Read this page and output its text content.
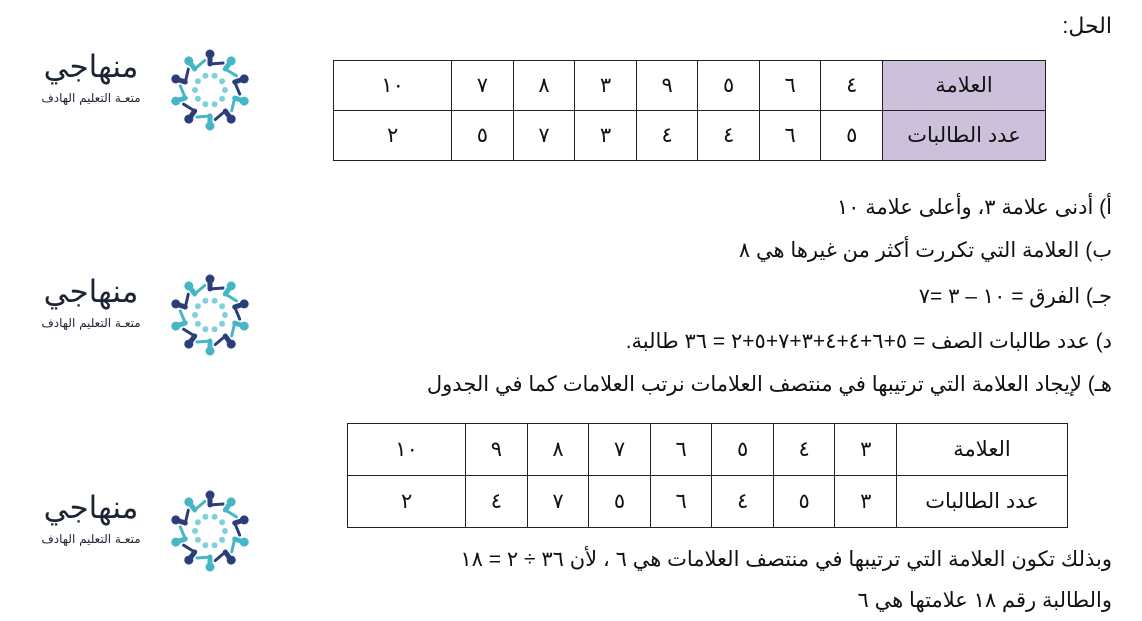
منهاجي
متعـة التعليم الهادف
منهاجي
متعـة التعليم الهادف
منهاجي
متعـة التعليم الهادف
الحل:
العلامة	٤	٦	٥	٩	٣	٨	٧	١٠
عدد الطالبات	٥	٦	٤	٤	٣	٧	٥	٢
أ) أدنى علامة ٣، وأعلى علامة ١٠
ب) العلامة التي تكررت أكثر من غيرها هي ٨
جـ) الفرق = ١٠ – ٣ =٧
د) عدد طالبات الصف = ٥+٦+٤+٤+٣+٧+٥+٢ = ٣٦ طالبة.
هـ) لإيجاد العلامة التي ترتيبها في منتصف العلامات نرتب العلامات كما في الجدول
العلامة	٣	٤	٥	٦	٧	٨	٩	١٠
عدد الطالبات	٣	٥	٤	٦	٥	٧	٤	٢
وبذلك تكون العلامة التي ترتيبها في منتصف العلامات هي ٦ ، لأن ٣٦ ÷ ٢ = ١٨
والطالبة رقم ١٨ علامتها هي ٦
